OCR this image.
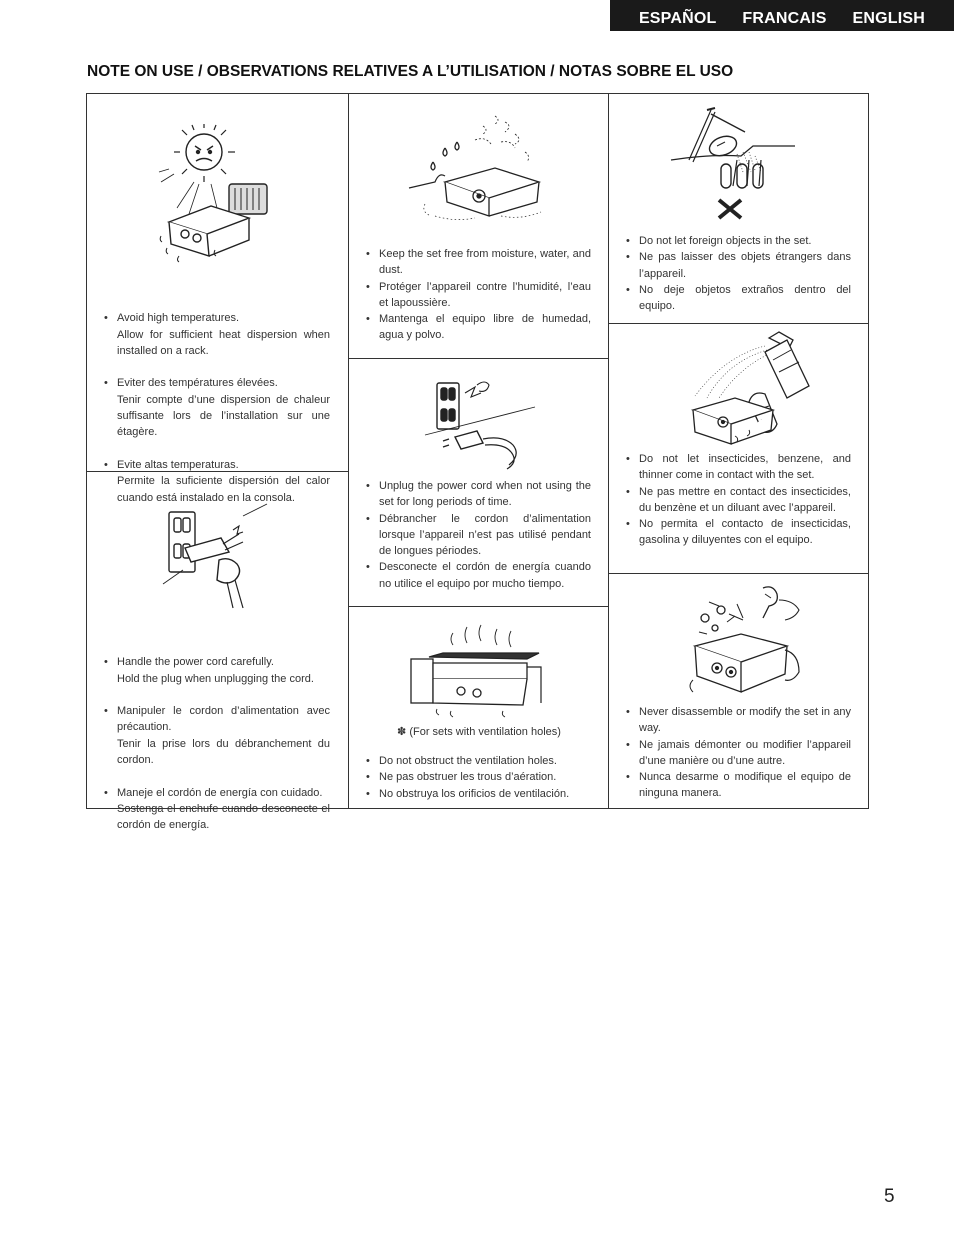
ESPAÑOL FRANCAIS ENGLISH
NOTE ON USE / OBSERVATIONS RELATIVES A L’UTILISATION / NOTAS SOBRE EL USO

• Avoid high temperatures.
Allow for sufficient heat dispersion when installed on a rack.

• Eviter des températures élevées.
Tenir compte d’une dispersion de chaleur suffisante lors de l’installation sur une étagère.

• Evite altas temperaturas.
Permite la suficiente dispersión del calor cuando está instalado en la consola.

• Handle the power cord carefully.
Hold the plug when unplugging the cord.

• Manipuler le cordon d’alimentation avec précaution.
Tenir la prise lors du débranchement du cordon.

• Maneje el cordón de energía con cuidado.
Sostenga el enchufe cuando desconecte el cordón de energía.

• Keep the set free from moisture, water, and dust.
• Protéger l’appareil contre l’humidité, l’eau et lapoussière.
• Mantenga el equipo libre de humedad, agua y polvo.
• Unplug the power cord when not using the set for long periods of time.
• Débrancher le cordon d’alimentation lorsque l’appareil n’est pas utilisé pendant de longues périodes.
• Desconecte el cordón de energía cuando no utilice el equipo por mucho tiempo.
✽ (For sets with ventilation holes)
• Do not obstruct the ventilation holes.
• Ne pas obstruer les trous d’aération.
• No obstruya los orificios de ventilación.
• Do not let foreign objects in the set.
• Ne pas laisser des objets étrangers dans l’appareil.
• No deje objetos extraños dentro del equipo.
• Do not let insecticides, benzene, and thinner come in contact with the set.
• Ne pas mettre en contact des insecticides, du benzène et un diluant avec l’appareil.
• No permita el contacto de insecticidas, gasolina y diluyentes con el equipo.
• Never disassemble or modify the set in any way.
• Ne jamais démonter ou modifier l’appareil d’une manière ou d’une autre.
• Nunca desarme o modifique el equipo de ninguna manera.
5
